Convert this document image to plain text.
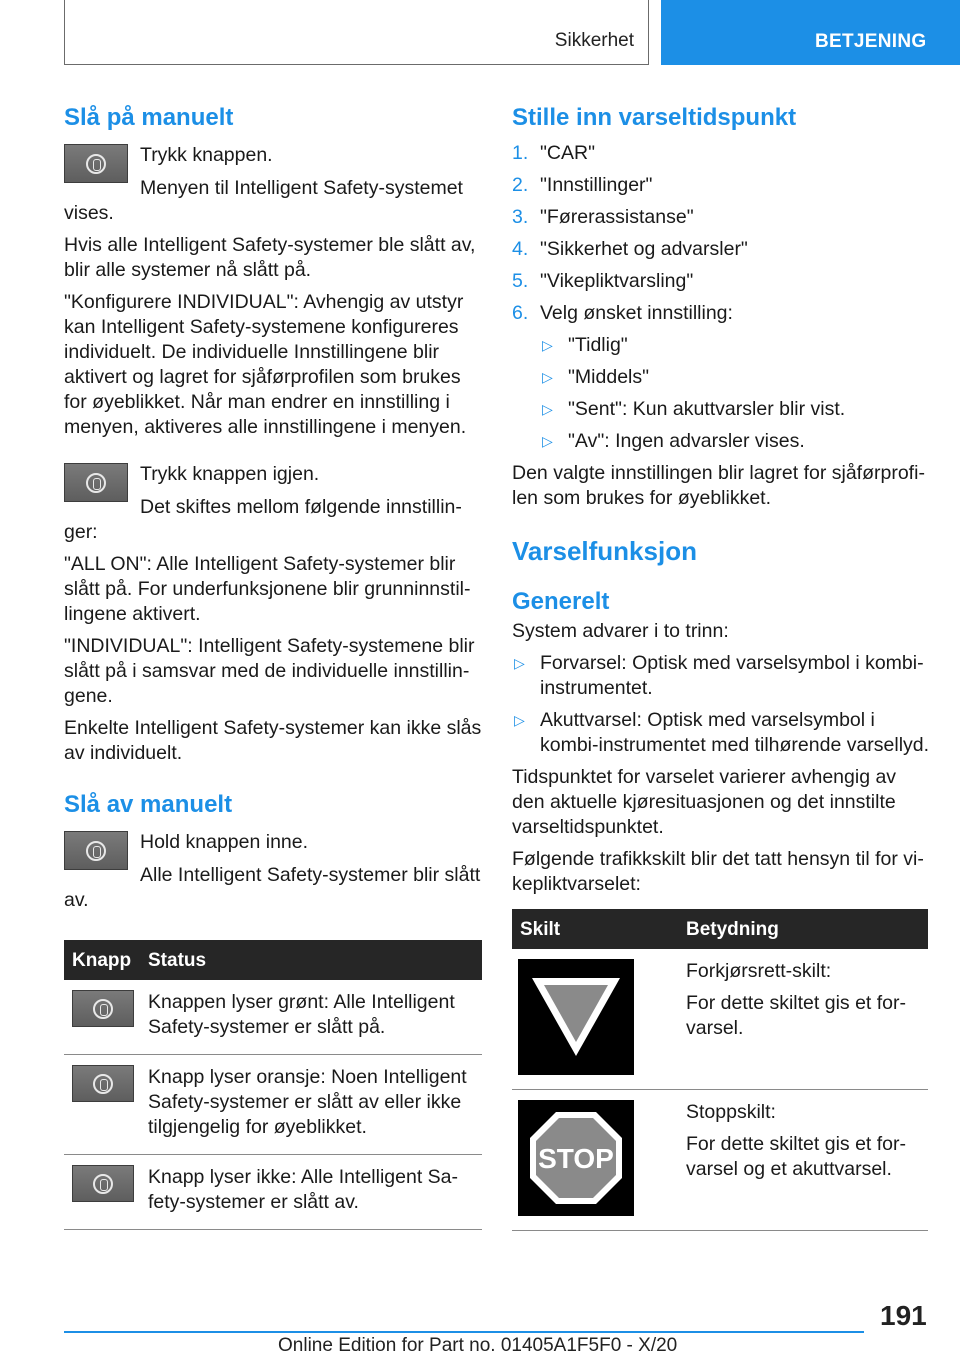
Sikkerhet	BETJENING
Slå på manuelt

Trykk knappen.

Menyen til Intelligent Safety-systemet vises.

Hvis alle Intelligent Safety-systemer ble slått av, blir alle systemer nå slått på.

"Konfigurere INDIVIDUAL": Avhengig av utstyr kan Intelligent Safety-systemene konfigureres individuelt. De individuelle Innstillingene blir aktivert og lagret for sjåførprofilen som brukes for øyeblikket. Når man endrer en innstilling i menyen, aktiveres alle innstillingene i menyen.

Trykk knappen igjen.

Det skiftes mellom følgende innstillinger:

"ALL ON": Alle Intelligent Safety-systemer blir slått på. For underfunksjonene blir grunninnstillingene aktivert.

"INDIVIDUAL": Intelligent Safety-systemene blir slått på i samsvar med de individuelle innstillingene.

Enkelte Intelligent Safety-systemer kan ikke slås av individuelt.

Slå av manuelt

Hold knappen inne.

Alle Intelligent Safety-systemer blir slått av.

Knapp	Status

	Knappen lyser grønt: Alle Intelligent Safety-systemer er slått på.

	Knapp lyser oransje: Noen Intelligent Safety-systemer er slått av eller ikke tilgjengelig for øyeblikket.

	Knapp lyser ikke: Alle Intelligent Safety-systemer er slått av.
Stille inn varseltidspunkt
1. "CAR"
2. "Innstillinger"
3. "Førerassistanse"
4. "Sikkerhet og advarsler"
5. "Vikepliktvarsling"
6. Velg ønsket innstilling:
▷ "Tidlig"
▷ "Middels"
▷ "Sent": Kun akuttvarsler blir vist.
▷ "Av": Ingen advarsler vises.

Den valgte innstillingen blir lagret for sjåførprofilen som brukes for øyeblikket.

Varselfunksjon
Generelt

System advarer i to trinn:

▷ Forvarsel: Optisk med varselsymbol i kombiinstrumentet.
▷ Akuttvarsel: Optisk med varselsymbol i kombi-instrumentet med tilhørende varsellyd.

Tidspunktet for varselet varierer avhengig av den aktuelle kjøresituasjonen og det innstilte varseltidspunktet.

Følgende trafikkskilt blir det tatt hensyn til for vikepliktvarselet:

Skilt	Betydning

Forkjørsrett-skilt:

For dette skiltet gis et forvarsel.

STOP	Stoppskilt:

For dette skiltet gis et forvarsel og et akuttvarsel.

191
Online Edition for Part no. 01405A1F5F0 - X/20
